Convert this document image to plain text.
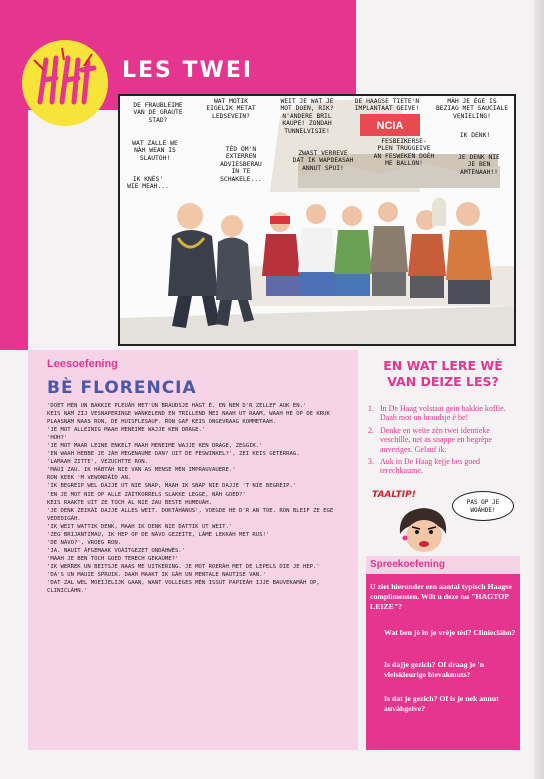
LES TWEI
DE FRAUBLEIME
VAN DE GRAUTE
STAD?
WAT MOTIK
EIGELIK METAT
LEDSEVEIN?
WEIT JE WAT JE
MOT DOEN, RIK?
N'ANDERE BRIL
KAUPE! ZONDAH
TUNNELVISIE!
DE HAAGSE TIETE'N
IMPLANTAAT GEIVE!
MÀH JE ÈGE IS
BEZIAG MET SAUCIALE
VENIELING!
WAT ZALLE WE
NÀH WEAN IS
SLAUTOH!
IK KNÈS'
WIE MEAH...
TÈD OM'N
EXTERREN
ADVIESBERAU
IN TE
SCHAKELE...
ZWAST VERREVE
DAT IK WAPDEASAH
ANNUT SPUI!
FESBEIKERSE-
PLEN TRUGGEIVE
AN FESWEKEN DOÈH
ME BALLON!
IK DENK!
JE DENK NIE
JE BEN
AMTENAAH!!
NCIA
Leesoefening
BÈ FLORENCIA

'DOET MÈN UN BAKKIE PLEUÀH MET'UN BRAUDSJE HAGT È. EN NEM D'R ZELLEF AUK EN.'

KEIS NAM ZIJ VESNAPERINGE WANKELEND EN TRILLEND MEI NAAH UT RAAM, WAAH HE OP DE KRUK PLAASNAM NAAS RON, DE HUISFLESAUF. RON GAF KEIS ONGEVRAAG KOMMETAAH.

'JE MOT ALLEINIG MAAH MENEIME WAJJE KEN DRAGE.'

'HÙH?'

'JE MOT MAAR LEINE ENKELT MAAH MENEIME WAJJE KEN DRAGE, ZEGGIK.'

'EN WAAH HEBBE JE JÀH MEGENAUME DAN? UIT DE FESWINKEL?', ZEI KEIS GETERRAG.

'LAMAAH ZITTE', VEZUCHTTE RON.

'MAUI ZAU. IK HÀBTÀH NIE VAN AS MENSE MÈN IMPRAUVAUERE.'

RON KEEK 'M VEWONDÀÌD AN.

'IK BEGREIP WEL DAJJE UT NIE SNAP, MAAH IK SNAP NIE DAJJE 'T NIE BEGREIP.'

'EN JE MOT NIE OP ALLE ZÀÌTKORRELS SLAKKE LEGGE, NÀH GOED?'

KEIS RAAKTE UIT ZE TOCH AL NIE ZAU BESTE HUMEUÀH.

'JE DENK ZEIKÀÌ DAJJE ALLES WEIT. DOKTÀHANUS', VOEGDE HE D'R AN TOE. RON BLEIF ZE EGE VEDEDIGÀH.

'IK WEIT WATTIK DENK, MAAH IK DENK NIE DATTIK UT WEIT.'

'ZEG BRIJANTIMAU, IK HEP OP DE NÀVO GEZEITE, LÀME LEKKÀH MET RUS!'

'DE NÀVO?', VROEG RON.

'JA. NAUIT ÀFGEMAAK VOÀÌTGEZET ONDÀHWÈS.'

'MAAH JE BEN TOCH GOED TERECH GEKAUME?'

'IK WERREK UN BEITSJE NAAS ME UITKERING. JE MOT ROERÀH MET DE LEPELS DIE JE HEP.'

'DA'S UN MAUIE SPRUIK. DAAH MAAKT IK GÀH UN MENTALE NAUTISE VAN.'

'DAT ZAL WEL MOEIJELIJK GAAN, WANT VOLLEGES MÈN ISSUT PAPIEÀH IJJE BAUVEKAMÀH OP, CLINICLÀHN.'

EN WAT LERE WÈ VAN DEIZE LES?
1. In De Haag volstaat gein bakkie koffie. Daah mot un braudsje è be!
2. Denke en weite zèn twei identieke veschille, net as snappe en begrèpe auveriges. Gelauf ik.
3. Auk in De Haag kejje bes goed terechkaume.
TAALTIP!
PAS OP JE WOÀHDE!
Spreekoefening
U ziet hieronder een aantal typisch Haagse complimenten. Wilt u deze nu "HAGTOP LEIZE"?
Wat ben jè in je vrèje tèd? Cliniecláhn?
Is dajje gezich? Of draag je 'n vleiskleurige bievakmuts?
Is dat je gezich? Of is je nek annut auvàhgeive?
